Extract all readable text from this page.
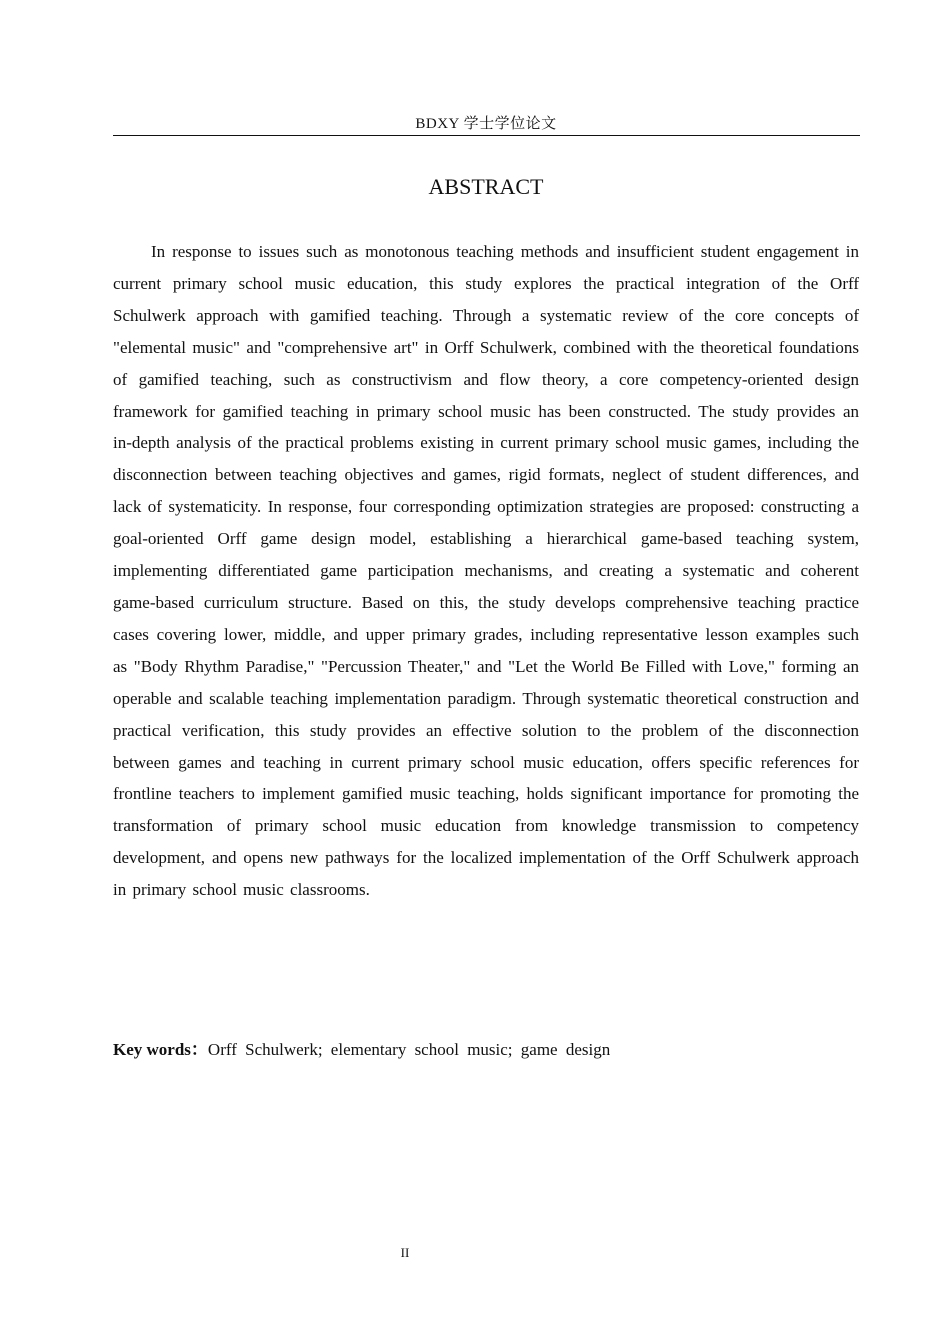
BDXY 学士学位论文
ABSTRACT

In response to issues such as monotonous teaching methods and insufficient student engagement in current primary school music education, this study explores the practical integration of the Orff Schulwerk approach with gamified teaching. Through a systematic review of the core concepts of "elemental music" and "comprehensive art" in Orff Schulwerk, combined with the theoretical foundations of gamified teaching, such as constructivism and flow theory, a core competency-oriented design framework for gamified teaching in primary school music has been constructed. The study provides an in-depth analysis of the practical problems existing in current primary school music games, including the disconnection between teaching objectives and games, rigid formats, neglect of student differences, and lack of systematicity. In response, four corresponding optimization strategies are proposed: constructing a goal-oriented Orff game design model, establishing a hierarchical game-based teaching system, implementing differentiated game participation mechanisms, and creating a systematic and coherent game-based curriculum structure. Based on this, the study develops comprehensive teaching practice cases covering lower, middle, and upper primary grades, including representative lesson examples such as "Body Rhythm Paradise," "Percussion Theater," and "Let the World Be Filled with Love," forming an operable and scalable teaching implementation paradigm. Through systematic theoretical construction and practical verification, this study provides an effective solution to the problem of the disconnection between games and teaching in current primary school music education, offers specific references for frontline teachers to implement gamified music teaching, holds significant importance for promoting the transformation of primary school music education from knowledge transmission to competency development, and opens new pathways for the localized implementation of the Orff Schulwerk approach in primary school music classrooms.

Key words：Orff Schulwerk; elementary school music; game design
II
